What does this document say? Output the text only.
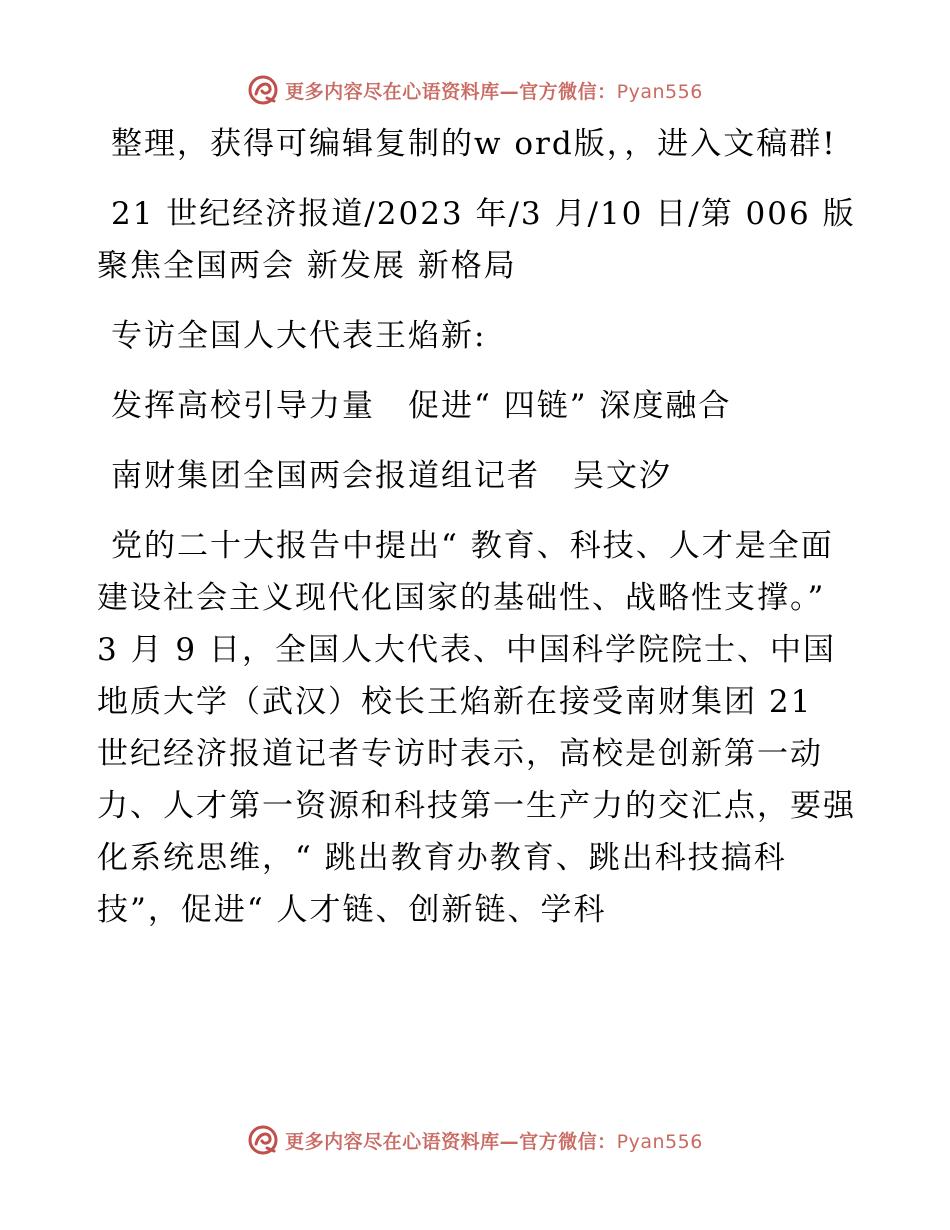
更多内容尽在心语资料库—官方微信：Pyan556

整理，获得可编辑复制的w ord版，，进入文稿群!

21 世纪经济报道/2023 年/3 月/10 日/第 006 版聚焦全国两会 新发展 新格局

专访全国人大代表王焰新:

发挥高校引导力量　促进“ 四链” 深度融合

南财集团全国两会报道组记者　吴文汐

党的二十大报告中提出“ 教育、科技、人才是全面建设社会主义现代化国家的基础性、战略性支撑。” 3 月 9 日，全国人大代表、中国科学院院士、中国地质大学（武汉）校长王焰新在接受南财集团 21 世纪经济报道记者专访时表示，高校是创新第一动力、人才第一资源和科技第一生产力的交汇点，要强化系统思维，“ 跳出教育办教育、跳出科技搞科技”，促进“ 人才链、创新链、学科

更多内容尽在心语资料库—官方微信：Pyan556
